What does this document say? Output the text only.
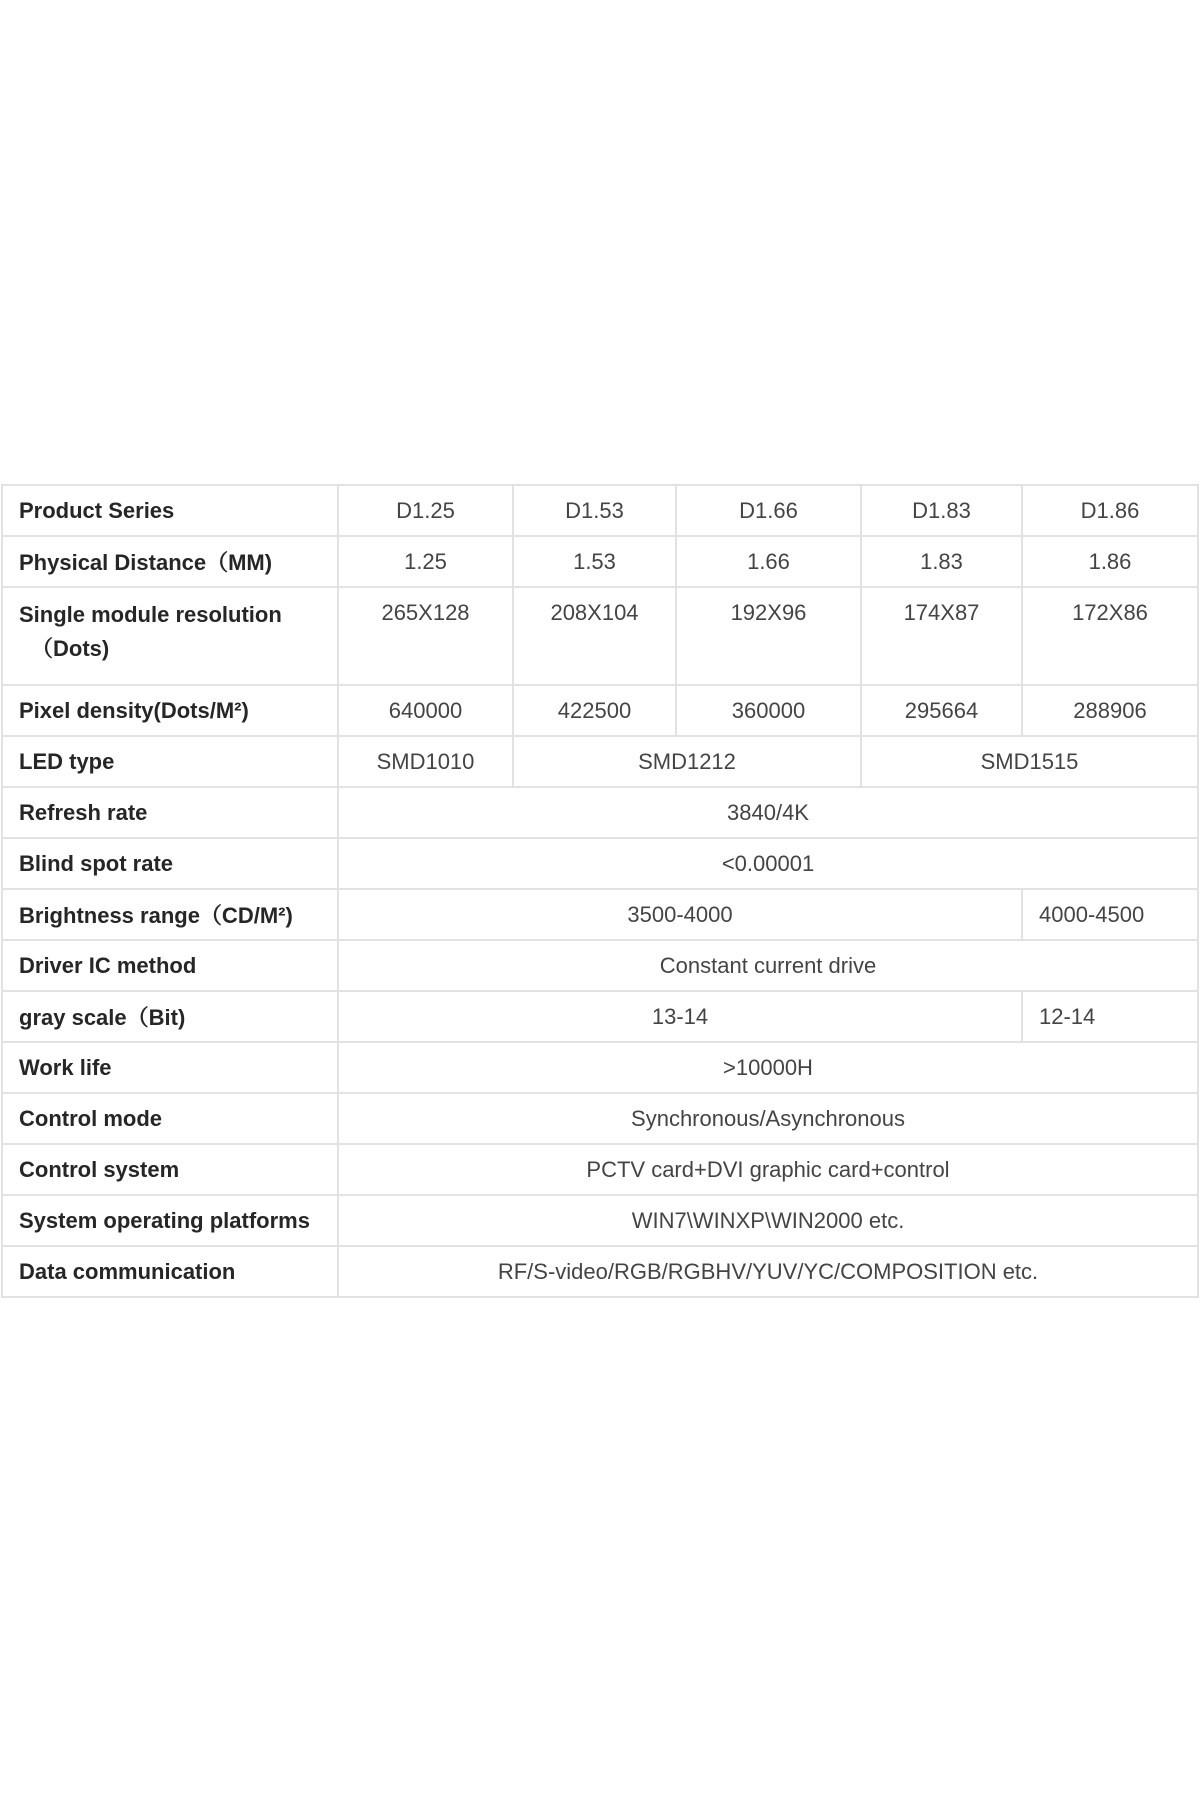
Product Series	D1.25	D1.53	D1.66	D1.83	D1.86
Physical Distance（MM)	1.25	1.53	1.66	1.83	1.86
Single module resolution
（Dots)	265X128	208X104	192X96	174X87	172X86
Pixel density(Dots/M²)	640000	422500	360000	295664	288906
LED type	SMD1010	SMD1212		SMD1515	
Refresh rate	3840/4K				
Blind spot rate	<0.00001				
Brightness range（CD/M²)	3500-4000				4000-4500
Driver IC method	Constant current drive				
gray scale（Bit)	13-14				12-14
Work life	>10000H				
Control mode	Synchronous/Asynchronous				
Control system	PCTV card+DVI graphic card+control				
System operating platforms	WIN7\WINXP\WIN2000 etc.				
Data communication	RF/S-video/RGB/RGBHV/YUV/YC/COMPOSITION etc.				
